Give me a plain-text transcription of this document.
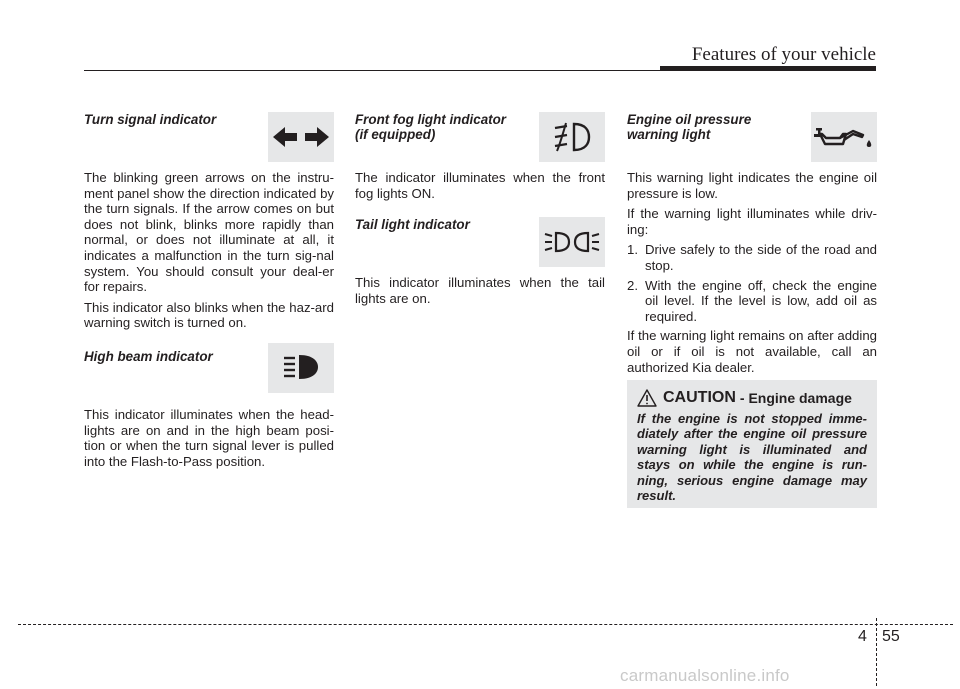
Features of your vehicle
Turn signal indicator

The blinking green arrows on the instru-ment panel show the direction indicated by the turn signals. If the arrow comes on but does not blink, blinks more rapidly than normal, or does not illuminate at all, it indicates a malfunction in the turn sig-nal system. You should consult your deal-er for repairs.

This indicator also blinks when the haz-ard warning switch is turned on.

High beam indicator

This indicator illuminates when the head-lights are on and in the high beam posi-tion or when the turn signal lever is pulled into the Flash-to-Pass position.

Front fog light indicator
(if equipped)

The indicator illuminates when the front fog lights ON.

Tail light indicator

This indicator illuminates when the tail lights are on.

Engine oil pressure
warning light

This warning light indicates the engine oil pressure is low.

If the warning light illuminates while driv-ing:

1. Drive safely to the side of the road and stop.
2. With the engine off, check the engine oil level. If the level is low, add oil as required.

If the warning light remains on after adding oil or if oil is not available, call an authorized Kia dealer.

CAUTION - Engine damage
If the engine is not stopped imme-diately after the engine oil pressure warning light is illuminated and stays on while the engine is run-ning, serious engine damage may result.
4 55
carmanualsonline.info
